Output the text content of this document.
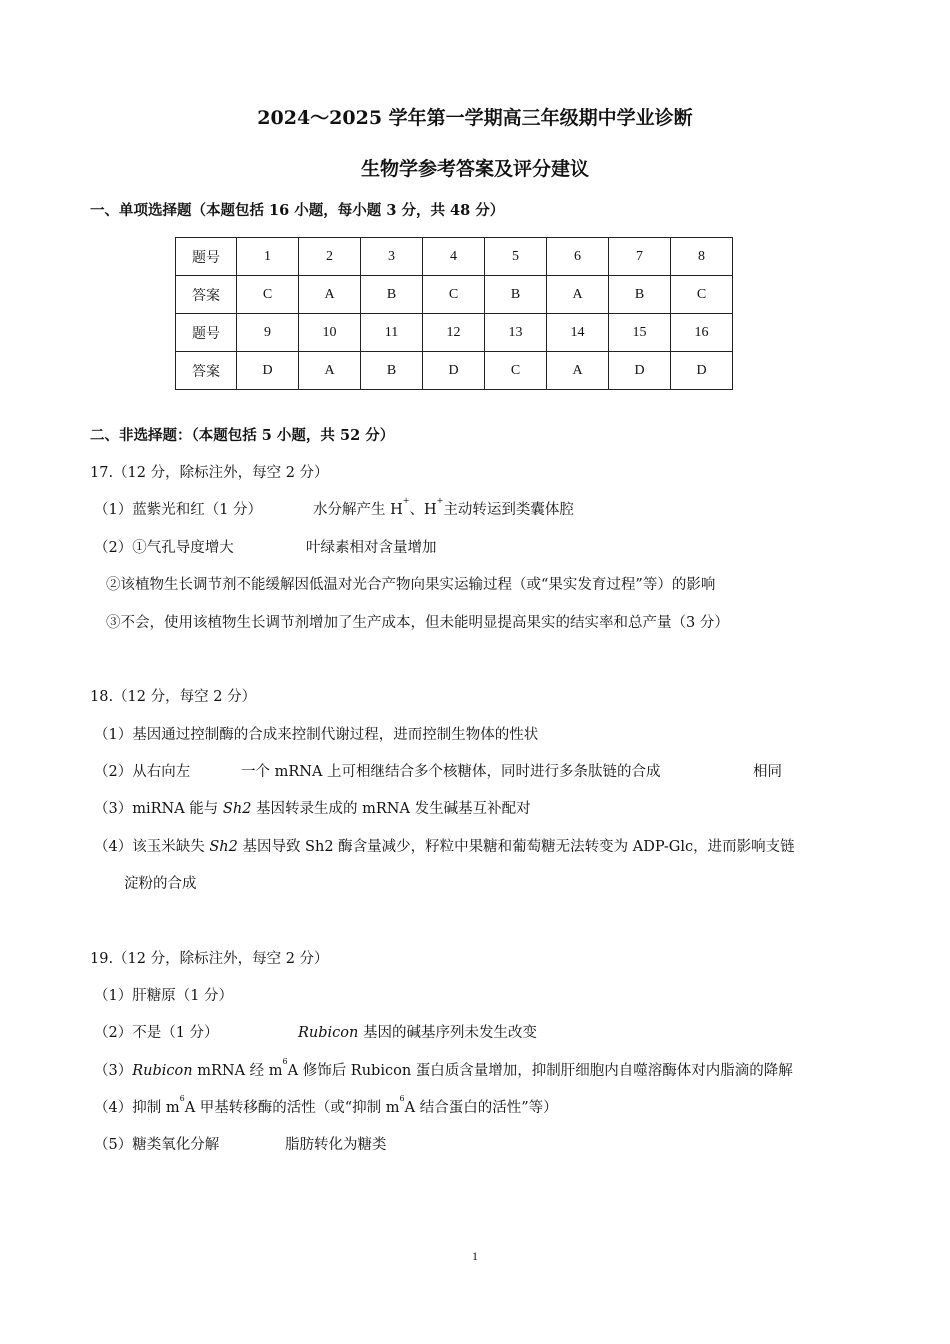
2024～2025 学年第一学期高三年级期中学业诊断
生物学参考答案及评分建议
一、单项选择题（本题包括 16 小题，每小题 3 分，共 48 分）
题号	1	2	3	4	5	6	7	8
答案	C	A	B	C	B	A	B	C
题号	9	10	11	12	13	14	15	16
答案	D	A	B	D	C	A	D	D
二、非选择题：（本题包括 5 小题，共 52 分）
17.（12 分，除标注外，每空 2 分）
（1）蓝紫光和红（1 分）	水分解产生 H+、H+主动转运到类囊体腔
（2）①气孔导度增大	叶绿素相对含量增加
②该植物生长调节剂不能缓解因低温对光合产物向果实运输过程（或“果实发育过程”等）的影响
③不会，使用该植物生长调节剂增加了生产成本，但未能明显提高果实的结实率和总产量（3 分）
18.（12 分，每空 2 分）
（1）基因通过控制酶的合成来控制代谢过程，进而控制生物体的性状
（2）从右向左	一个 mRNA 上可相继结合多个核糖体，同时进行多条肽链的合成	相同
（3）miRNA 能与 Sh2 基因转录生成的 mRNA 发生碱基互补配对
（4）该玉米缺失 Sh2 基因导致 Sh2 酶含量减少，籽粒中果糖和葡萄糖无法转变为 ADP-Glc，进而影响支链
淀粉的合成
19.（12 分，除标注外，每空 2 分）
（1）肝糖原（1 分）
（2）不是（1 分）	Rubicon 基因的碱基序列未发生改变
（3）Rubicon mRNA 经 $m^6A$ 修饰后 Rubicon 蛋白质含量增加，抑制肝细胞内自噬溶酶体对内脂滴的降解
（4）抑制 $m^6A$ 甲基转移酶的活性（或“抑制 $m^6A$ 结合蛋白的活性”等）
（5）糖类氧化分解	脂肪转化为糖类
1
